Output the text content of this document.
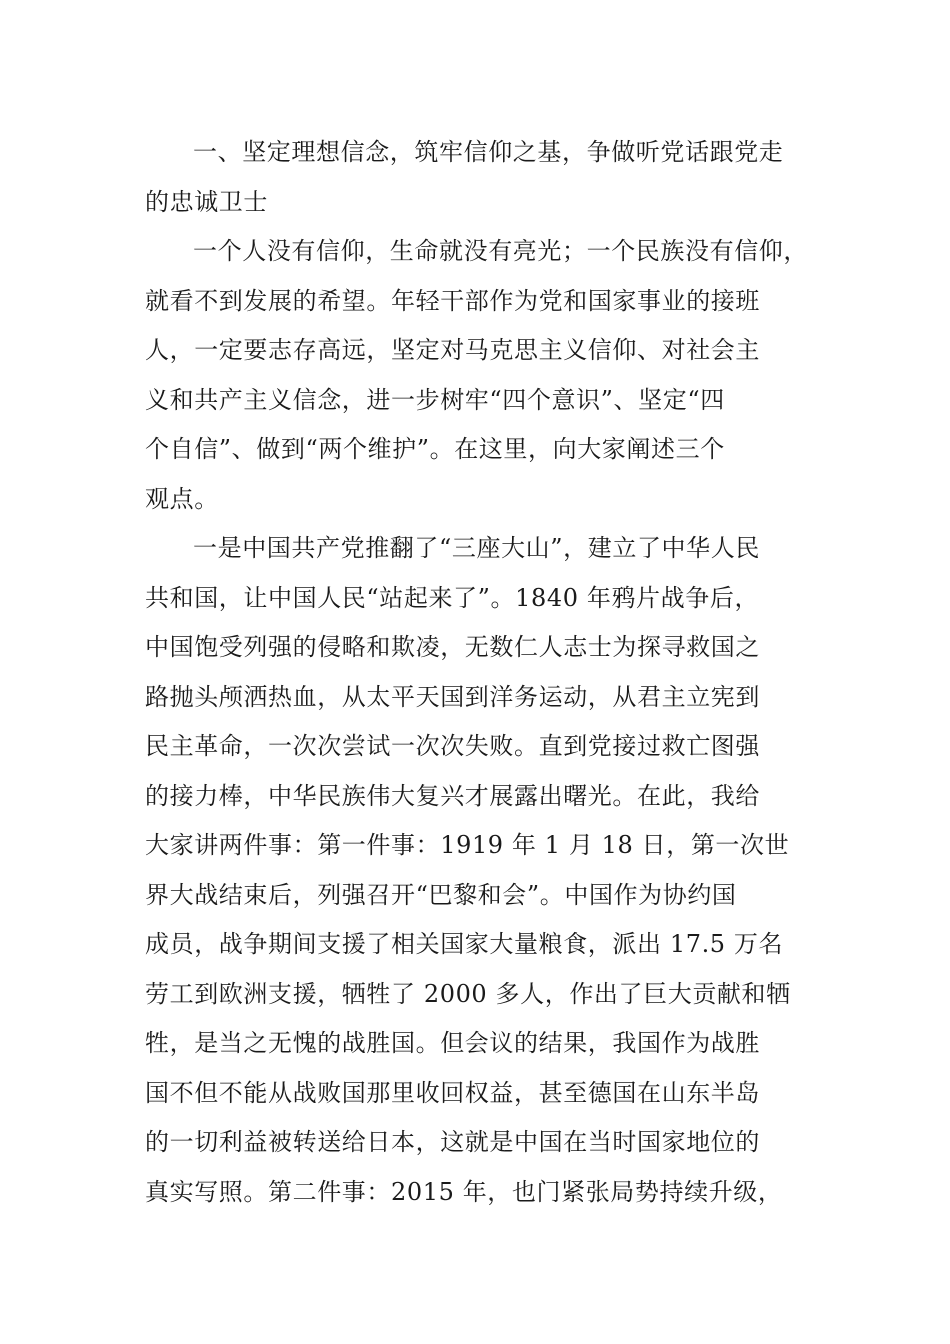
一、坚定理想信念，筑牢信仰之基，争做听党话跟党走
的忠诚卫士

一个人没有信仰，生命就没有亮光；一个民族没有信仰，
就看不到发展的希望。年轻干部作为党和国家事业的接班
人，一定要志存高远，坚定对马克思主义信仰、对社会主
义和共产主义信念，进一步树牢“四个意识”、坚定“四
个自信”、做到“两个维护”。在这里，向大家阐述三个
观点。

一是中国共产党推翻了“三座大山”，建立了中华人民
共和国，让中国人民“站起来了”。1840 年鸦片战争后，
中国饱受列强的侵略和欺凌，无数仁人志士为探寻救国之
路抛头颅洒热血，从太平天国到洋务运动，从君主立宪到
民主革命，一次次尝试一次次失败。直到党接过救亡图强
的接力棒，中华民族伟大复兴才展露出曙光。在此，我给
大家讲两件事：第一件事：1919 年 1 月 18 日，第一次世
界大战结束后，列强召开“巴黎和会”。中国作为协约国
成员，战争期间支援了相关国家大量粮食，派出 17.5 万名
劳工到欧洲支援，牺牲了 2000 多人，作出了巨大贡献和牺
牲，是当之无愧的战胜国。但会议的结果，我国作为战胜
国不但不能从战败国那里收回权益，甚至德国在山东半岛
的一切利益被转送给日本，这就是中国在当时国家地位的
真实写照。第二件事：2015 年，也门紧张局势持续升级，
